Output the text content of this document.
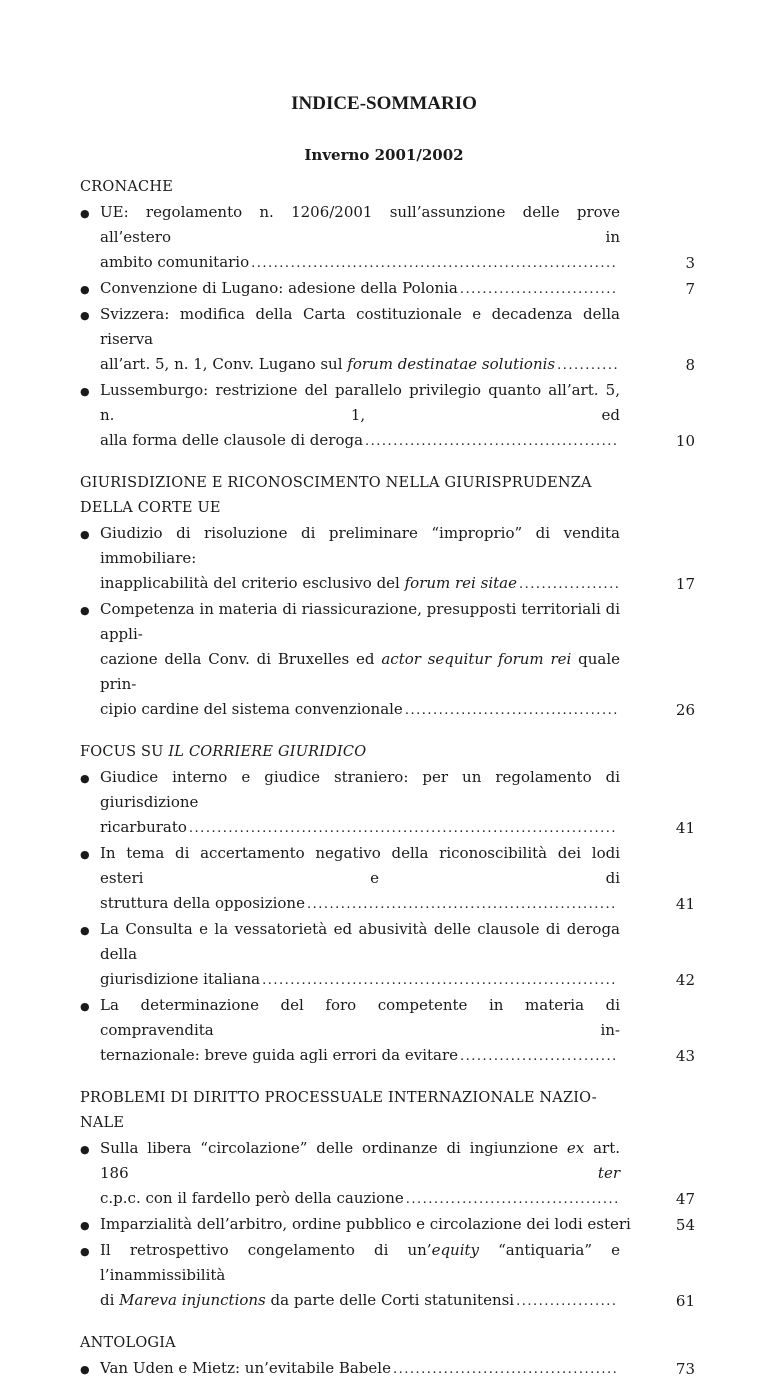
INDICE-SOMMARIO
Inverno 2001/2002
CRONACHE
● UE: regolamento n. 1206/2001 sull’assunzione delle prove all’estero in
ambito comunitario .....	3
● Convenzione di Lugano: adesione della Polonia .....	7
● Svizzera: modifica della Carta costituzionale e decadenza della riserva
all’art. 5, n. 1, Conv. Lugano sul forum destinatae solutionis .....	8
● Lussemburgo: restrizione del parallelo privilegio quanto all’art. 5, n. 1, ed
alla forma delle clausole di deroga .....	10
GIURISDIZIONE E RICONOSCIMENTO NELLA GIURISPRUDENZA
DELLA CORTE UE
● Giudizio di risoluzione di preliminare “improprio” di vendita immobiliare:
inapplicabilità del criterio esclusivo del forum rei sitae .....	17
● Competenza in materia di riassicurazione, presupposti territoriali di appli-
cazione della Conv. di Bruxelles ed actor sequitur forum rei quale prin-
cipio cardine del sistema convenzionale .....	26
FOCUS SU IL CORRIERE GIURIDICO
● Giudice interno e giudice straniero: per un regolamento di giurisdizione
ricarburato .....	41
● In tema di accertamento negativo della riconoscibilità dei lodi esteri e di
struttura della opposizione .....	41
● La Consulta e la vessatorietà ed abusività delle clausole di deroga della
giurisdizione italiana .....	42
● La determinazione del foro competente in materia di compravendita in-
ternazionale: breve guida agli errori da evitare .....	43
PROBLEMI DI DIRITTO PROCESSUALE INTERNAZIONALE NAZIO-
NALE
● Sulla libera “circolazione” delle ordinanze di ingiunzione ex art. 186 ter
c.p.c. con il fardello però della cauzione .....	47
● Imparzialità dell’arbitro, ordine pubblico e circolazione dei lodi esteri	54
● Il retrospettivo congelamento di un’equity “antiquaria” e l’inammissibilità
di Mareva injunctions da parte delle Corti statunitensi .....	61
ANTOLOGIA
● Van Uden e Mietz: un’evitabile Babele .....	73
